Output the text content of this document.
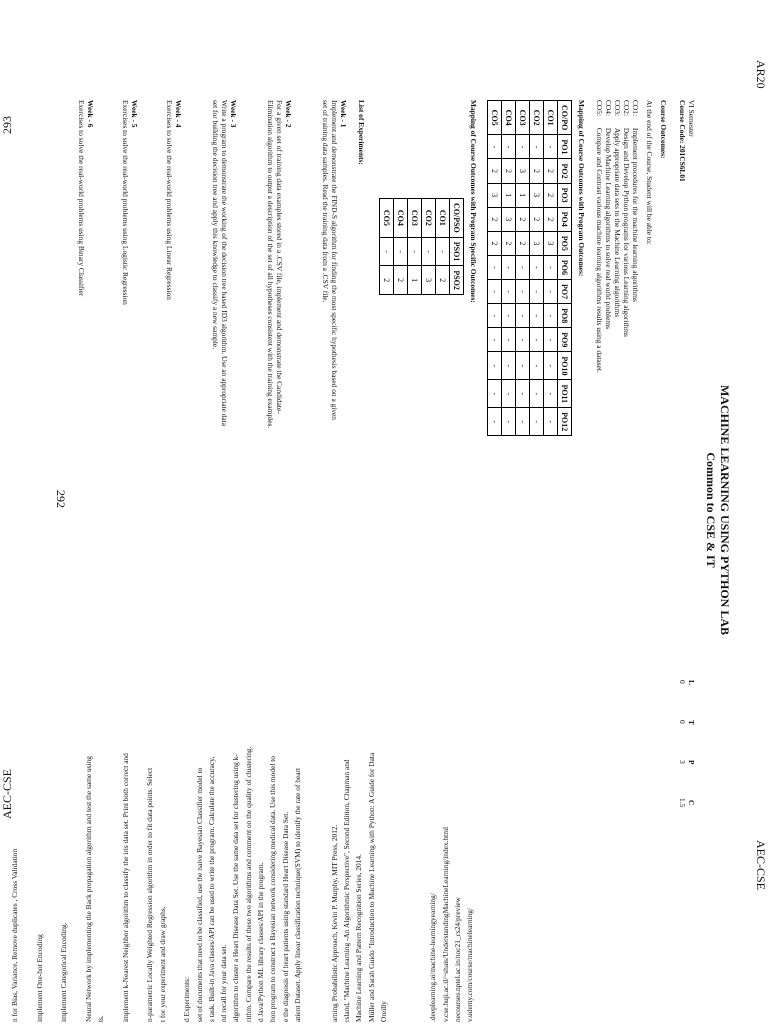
AR20
AEC-CSE
MACHINE LEARNING USING PYTHON LAB
Common to CSE & IT
VI Semester
Course Code: 201CS6L01
L
T
P
C
0
0
3
1.5
Course Outcomes:
At the end of the Course, Student will be able to:
CO1: Implement procedures for the machine learning algorithms
CO2: Design and Develop Python programs for various Learning algorithms
CO3: Apply appropriate data sets to the Machine Learning algorithms
CO4: Develop Machine Learning algorithms to solve real world problems
CO5: Compare and Contrast various machine learning algorithms results using a dataset.
Mapping of Course Outcomes with Program Outcomes:
CO/PO	PO1	PO2	PO3	PO4	PO5	PO6	PO7	PO8	PO9	PO10	PO11	PO12
CO1	-	2	2	2	3	-	-	-	-	-	-	-
CO2	-	2	3	2	3	-	-	-	-	-	-	-
CO3	-	3	1	2	2	-	-	-	-	-	-	-
CO4	-	2	1	3	2	-	-	-	-	-	-	-
CO5	-	2	3	2	2	-	-	-	-	-	-	-
Mapping of Course Outcomes with Program Specific Outcomes:
CO/PSO	PSO1	PSO2
CO1	-	2
CO2	-	3
CO3	-	1
CO4	-	2
CO5	-	2
List of Experiments:
Week - 1
Implement and demonstrate the FIND-S algorithm for finding the most specific hypothesis based on a given
set of training data samples. Read the training data from a .CSV file.
Week - 2
For a given set of training data examples stored in a .CSV file, implement and demonstrate the Candidate-
Elimination algorithm to output a description of the set of all hypotheses consistent with the training examples.
Week - 3
Write a program to demonstrate the working of the decision tree based ID3 algorithm. Use an appropriate data
set for building the decision tree and apply this knowledge to classify a new sample.
Week - 4
Exercises to solve the real-world problems using Linear Regression
Week - 5
Exercises to solve the real-world problems using Logistic Regression
Week - 6
Exercises to solve the real-world problems using Binary Classifier
292
AEC-CSE
n for Bias, Variance, Remove duplicates , Cross Validation implement One-hot Encoding implement Categorical Encoding. Neural Network by implementing the Back propagation algorithm and test the same using ts. implement k-Nearest Neighbor algorithm to classify the iris data set. Print both correct and n-parametric Locally Weighted Regression algorithm in order to fit data points. Select t for your experiment and draw graphs. d Experiments: set of documents that need to be classified, use the naive Bayesian Classifier model to s task. Built-in Java classes/API can be used to write the program. Calculate the accuracy, nd recall for your data set. algorithm to cluster a Heart Disease Data Set. Use the same data set for clustering using k- rithm. Compare the results of these two algorithms and comment on the quality of clustering. d Java/Python ML library classes/API in the program. hon program to construct a Bayesian network considering medical data. Use this model to e the diagnosis of heart patients using standard Heart Disease Data Set. atient Dataset. Apply linear classification technique(SVM) to identify the rate of heart	arning Probabilistic Approach, Kevin P. Murphy, MIT Press, 2012. rsland, "Machine Learning -An Algorithmic Perspective", Second Edition, Chapman and Machine Learning and Pattern Recognition Series, 2014. Müller and Sarah Guido "Introduction to Machine Learning with Python: A Guide for Data Oreilly	.deeplearning.ai/machine-learningyearning/ v.cse.huji.ac.il/~shais/UnderstandingMachineLearning/index.html necourses.nptel.ac.in/noc21_cs24/preview v.udemy.com/course/machinelearning/
293
